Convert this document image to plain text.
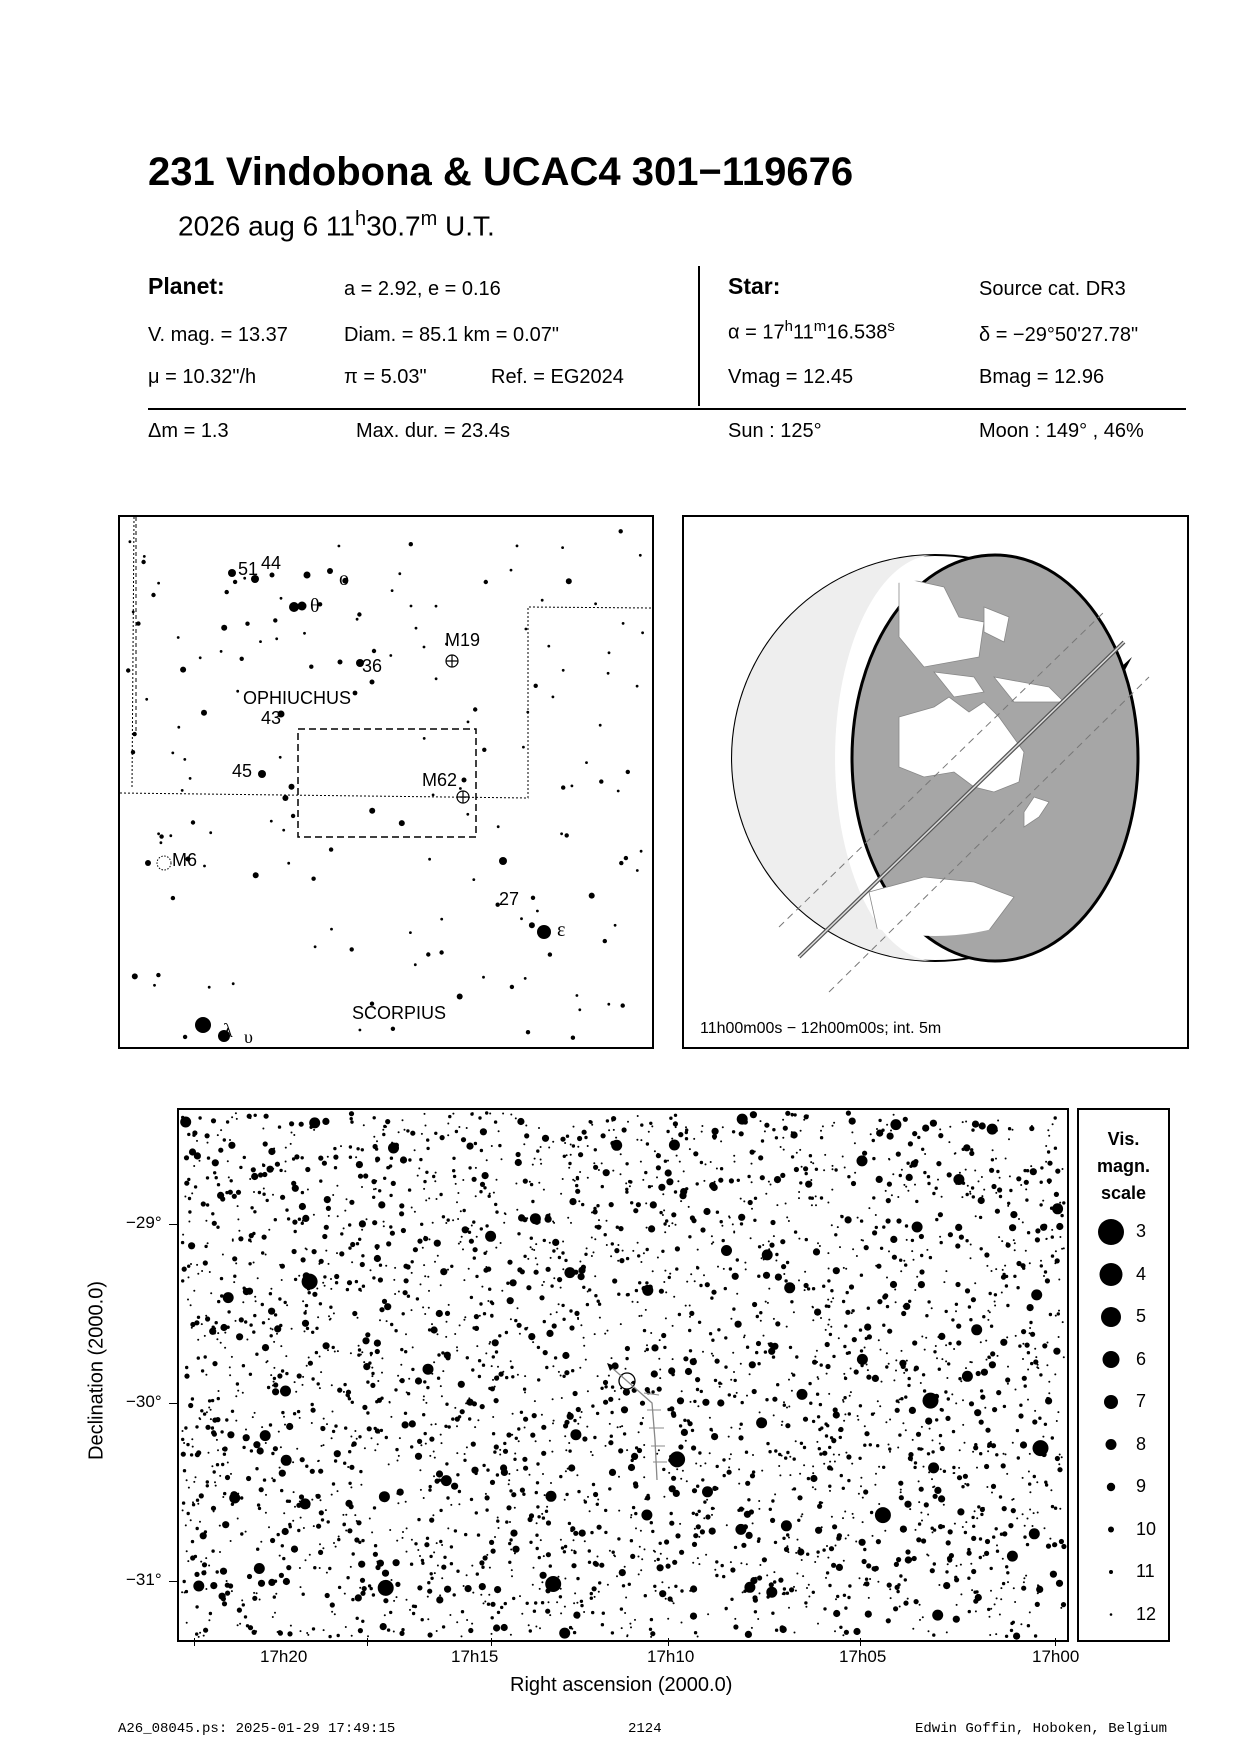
231 Vindobona & UCAC4 301−119676
2026 aug 6 11$^h$30.7$^m$ U.T.
Planet:	a = 2.92, e = 0.16
V. mag. = 13.37	Diam. = 85.1 km = 0.07"
μ = 10.32"/h	π = 5.03"	Ref. = EG2024
Star:	Source cat. DR3
$\alpha = 17^h11^m16.538^s$	δ = −29°50'27.78"
Vmag = 12.45	Bmag = 12.96
Δm = 1.3	Max. dur. = 23.4s	Sun : 125°	Moon : 149° , 46%
51 44
o
θ
M19
36
OPHIUCHUS
43
45	M62
M6
27
ε
SCORPIUS
λ υ	11h00m00s − 12h00m00s; int. 5m
17h20	17h15	17h10	17h05	17h00
−29°
−30°
−31°
Right ascension (2000.0)
Declination (2000.0)
Vis.
magn.
scale
3
4
5
6
7
8
9
10
11
12
A26_08045.ps: 2025-01-29 17:49:15	2124	Edwin Goffin, Hoboken, Belgium
